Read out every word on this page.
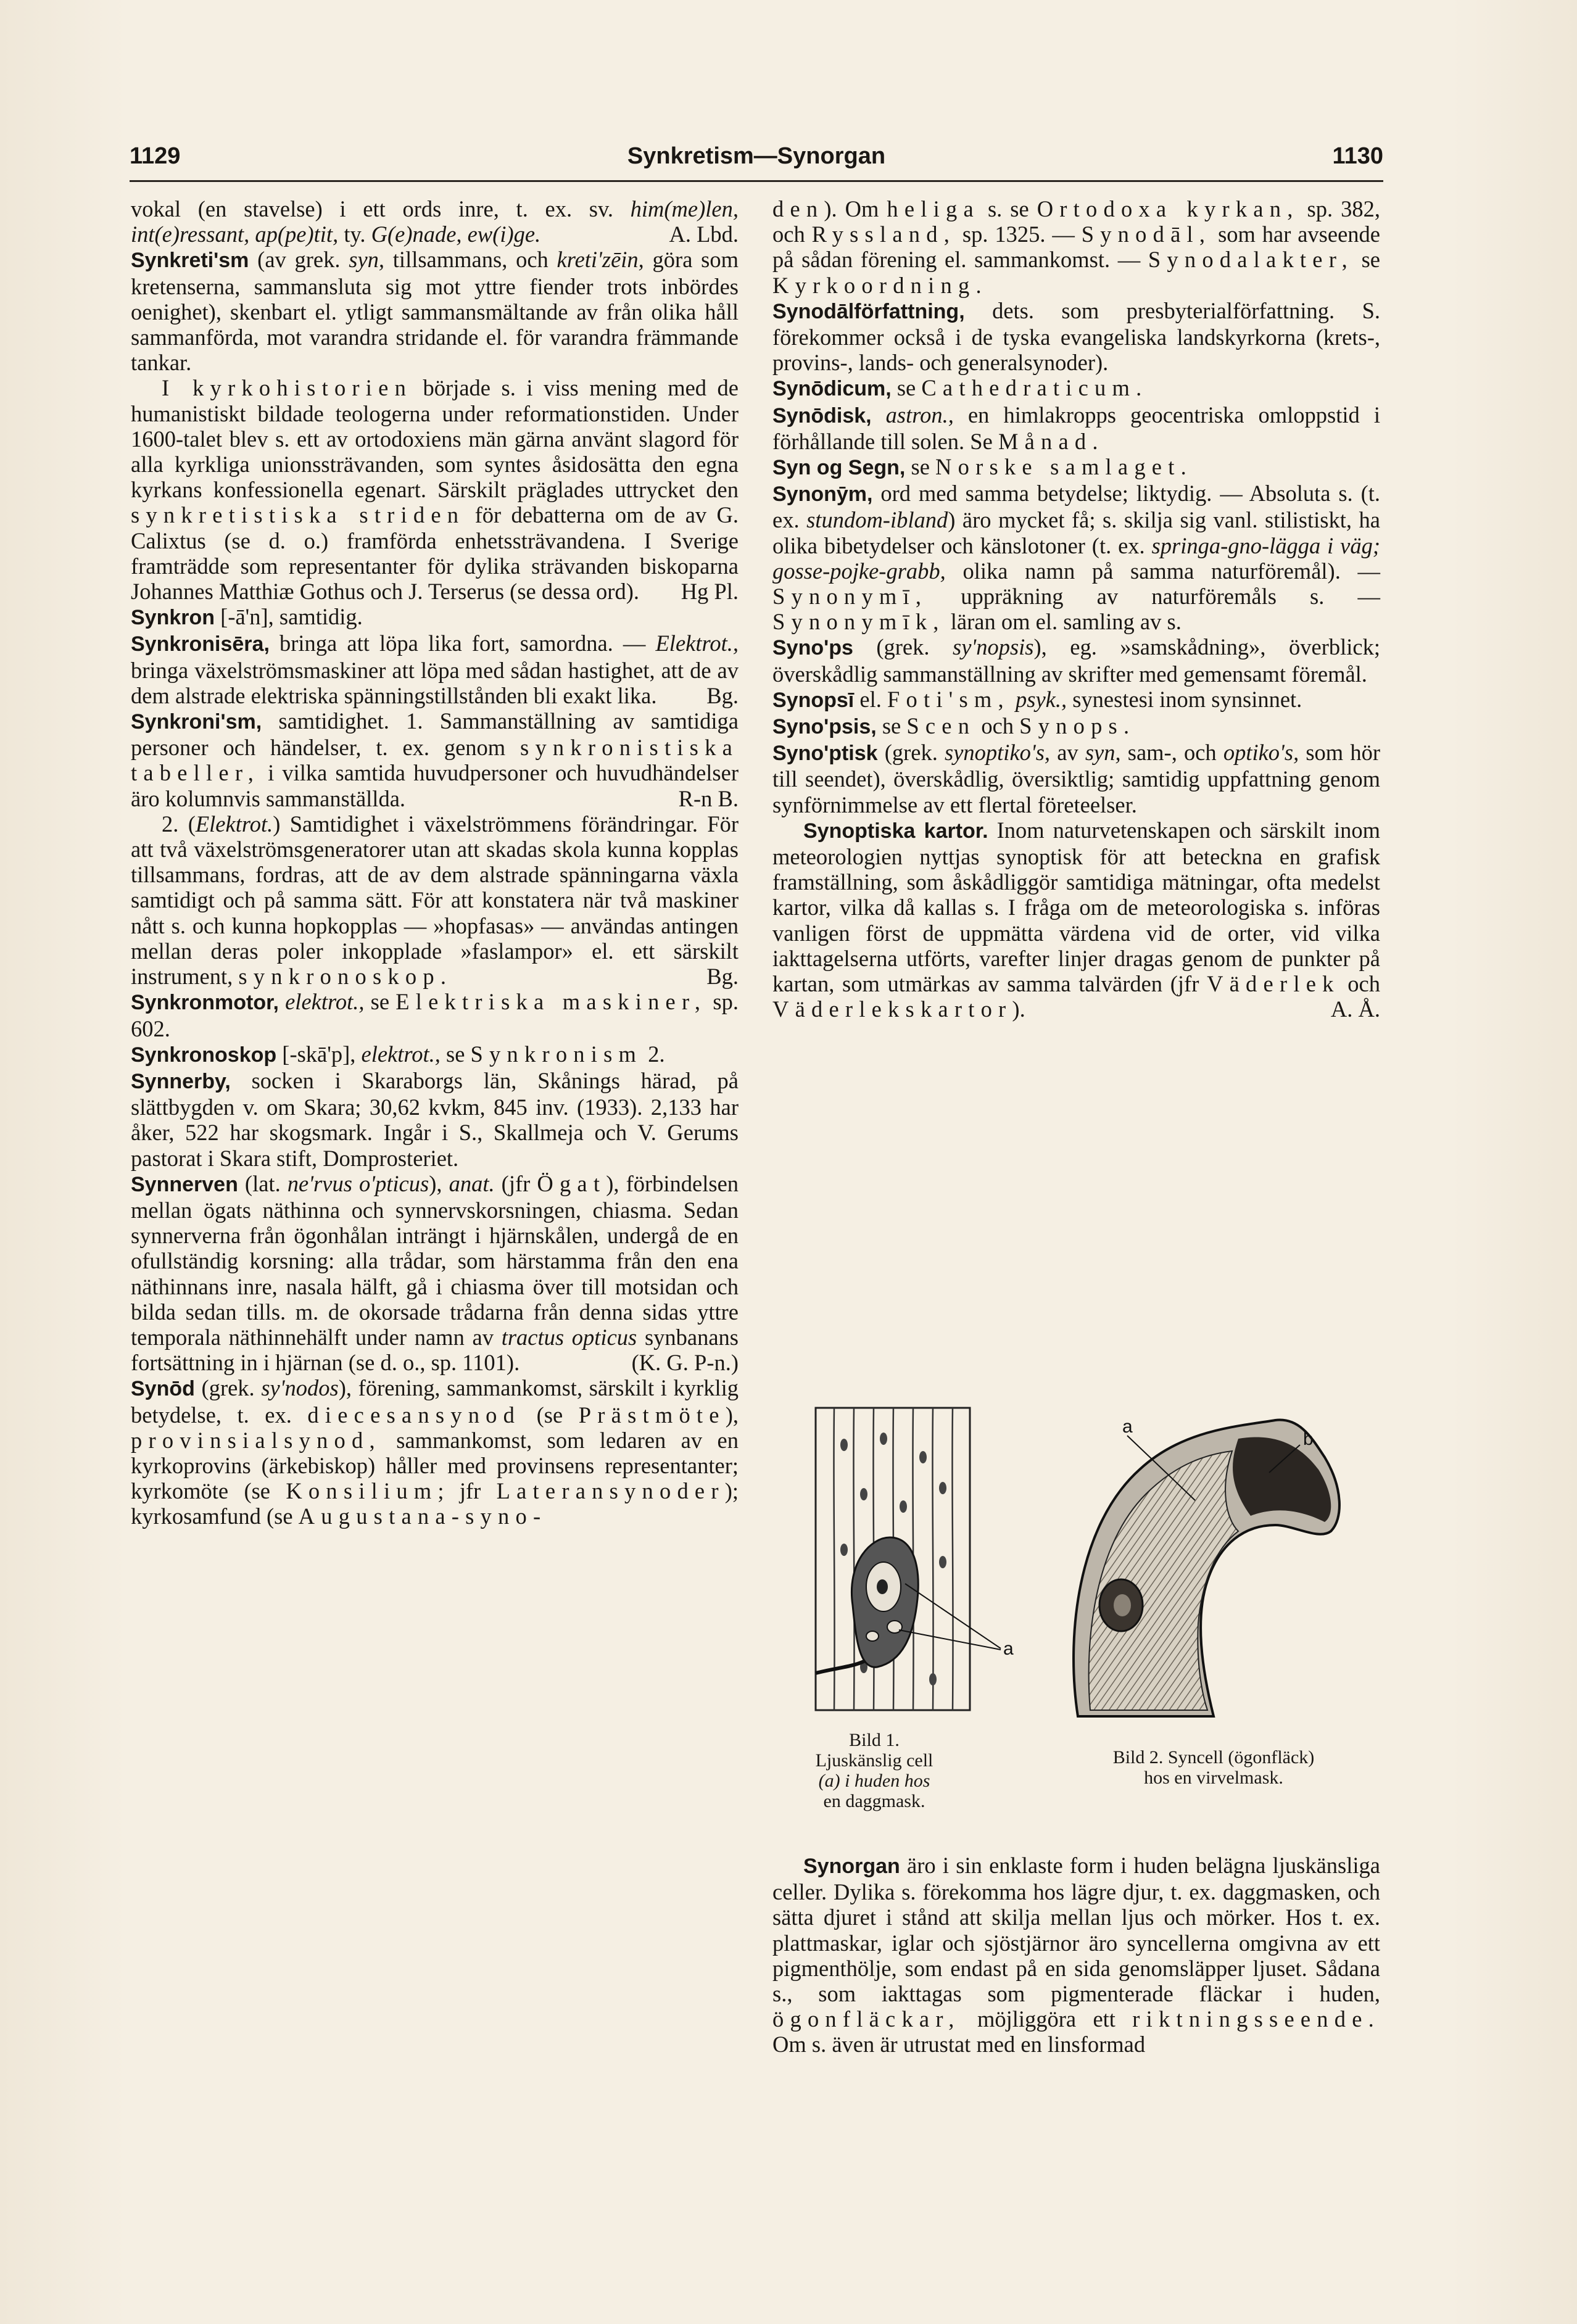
1129	Synkretism—Synorgan	1130

vokal (en stavelse) i ett ords inre, t. ex. sv. him(me)len, int(e)ressant, ap(pe)tit, ty. G(e)nade, ew(i)ge.	A. Lbd.

Synkreti'sm (av grek. syn, tillsammans, och kreti'zēin, göra som kretenserna, sammansluta sig mot yttre fiender trots inbördes oenighet), skenbart el. ytligt sammansmältande av från olika håll sammanförda, mot varandra stridande el. för varandra främmande tankar.

I kyrkohistorien började s. i viss mening med de humanistiskt bildade teologerna under reformationstiden. Under 1600-talet blev s. ett av ortodoxiens män gärna använt slagord för alla kyrkliga unionssträvanden, som syntes åsidosätta den egna kyrkans konfessionella egenart. Särskilt präglades uttrycket den synkretistiska striden för debatterna om de av G. Calixtus (se d. o.) framförda enhetssträvandena. I Sverige framträdde som representanter för dylika strävanden biskoparna Johannes Matthiæ Gothus och J. Terserus (se dessa ord).	Hg Pl.

Synkron [-ā'n], samtidig.

Synkronisēra, bringa att löpa lika fort, samordna. — Elektrot., bringa växelströmsmaskiner att löpa med sådan hastighet, att de av dem alstrade elektriska spänningstillstånden bli exakt lika. Bg.

Synkroni'sm, samtidighet. 1. Sammanställning av samtidiga personer och händelser, t. ex. genom synkronistiska tabeller, i vilka samtida huvudpersoner och huvudhändelser äro kolumnvis sammanställda.	R-n B.

2. (Elektrot.) Samtidighet i växelströmmens förändringar. För att två växelströmsgeneratorer utan att skadas skola kunna kopplas tillsammans, fordras, att de av dem alstrade spänningarna växla samtidigt och på samma sätt. För att konstatera när två maskiner nått s. och kunna hopkopplas — »hopfasas» — användas antingen mellan deras poler inkopplade »faslampor» el. ett särskilt instrument, synkronoskop.	Bg.

Synkronmotor, elektrot., se Elektriska maskiner, sp. 602.

Synkronoskop [-skā'p], elektrot., se Synkronism 2.

Synnerby, socken i Skaraborgs län, Skånings härad, på slättbygden v. om Skara; 30,62 kvkm, 845 inv. (1933). 2,133 har åker, 522 har skogsmark. Ingår i S., Skallmeja och V. Gerums pastorat i Skara stift, Domprosteriet.

Synnerven (lat. ne'rvus o'pticus), anat. (jfr Ögat), förbindelsen mellan ögats näthinna och synnervskorsningen, chiasma. Sedan synnerverna från ögonhålan inträngt i hjärnskålen, undergå de en ofullständig korsning: alla trådar, som härstamma från den ena näthinnans inre, nasala hälft, gå i chiasma över till motsidan och bilda sedan tills. m. de okorsade trådarna från denna sidas yttre temporala näthinnehälft under namn av tractus opticus synbanans fortsättning in i hjärnan (se d. o., sp. 1101).	(K. G. P-n.)

Synōd (grek. sy'nodos), förening, sammankomst, särskilt i kyrklig betydelse, t. ex. diecesansynod (se Prästmöte), provinsialsynod, sammankomst, som ledaren av en kyrkoprovins (ärkebiskop) håller med provinsens representanter; kyrkomöte (se Konsilium; jfr Lateransynoder); kyrkosamfund (se Augustana-syno-

den). Om heliga s. se Ortodoxa kyrkan, sp. 382, och Ryssland, sp. 1325. — Synodāl, som har avseende på sådan förening el. sammankomst. — Synodalakter, se Kyrkoordning.

Synodālförfattning, dets. som presbyterialförfattning. S. förekommer också i de tyska evangeliska landskyrkorna (krets-, provins-, lands- och generalsynoder).

Synōdicum, se Cathedraticum.

Synōdisk, astron., en himlakropps geocentriska omloppstid i förhållande till solen. Se Månad.

Syn og Segn, se Norske samlaget.

Synonȳm, ord med samma betydelse; liktydig. — Absoluta s. (t. ex. stundom-ibland) äro mycket få; s. skilja sig vanl. stilistiskt, ha olika bibetydelser och känslotoner (t. ex. springa-gno-lägga i väg; gosse-pojke-grabb, olika namn på samma naturföremål). — Synonymī, uppräkning av naturföremåls s. — Synonymīk, läran om el. samling av s.

Syno'ps (grek. sy'nopsis), eg. »samskådning», överblick; överskådlig sammanställning av skrifter med gemensamt föremål.

Synopsī el. Foti'sm, psyk., synestesi inom synsinnet.

Syno'psis, se Scen och Synops.

Syno'ptisk (grek. synoptiko's, av syn, sam-, och optiko's, som hör till seendet), överskådlig, översiktlig; samtidig uppfattning genom synförnimmelse av ett flertal företeelser.

Synoptiska kartor. Inom naturvetenskapen och särskilt inom meteorologien nyttjas synoptisk för att beteckna en grafisk framställning, som åskådliggör samtidiga mätningar, ofta medelst kartor, vilka då kallas s. I fråga om de meteorologiska s. införas vanligen först de uppmätta värdena vid de orter, vid vilka iakttagelserna utförts, varefter linjer dragas genom de punkter på kartan, som utmärkas av samma talvärden (jfr Väderlek och Väderlekskartor).	A. Å.

a
a
b
Bild 1.
Ljuskänslig cell
(a) i huden hos
en daggmask.
Bild 2. Syncell (ögonfläck)
hos en virvelmask.

Synorgan äro i sin enklaste form i huden belägna ljuskänsliga celler. Dylika s. förekomma hos lägre djur, t. ex. daggmasken, och sätta djuret i stånd att skilja mellan ljus och mörker. Hos t. ex. plattmaskar, iglar och sjöstjärnor äro syncellerna omgivna av ett pigmenthölje, som endast på en sida genomsläpper ljuset. Sådana s., som iakttagas som pigmenterade fläckar i huden, ögonfläckar, möjliggöra ett riktningsseende. Om s. även är utrustat med en linsformad
